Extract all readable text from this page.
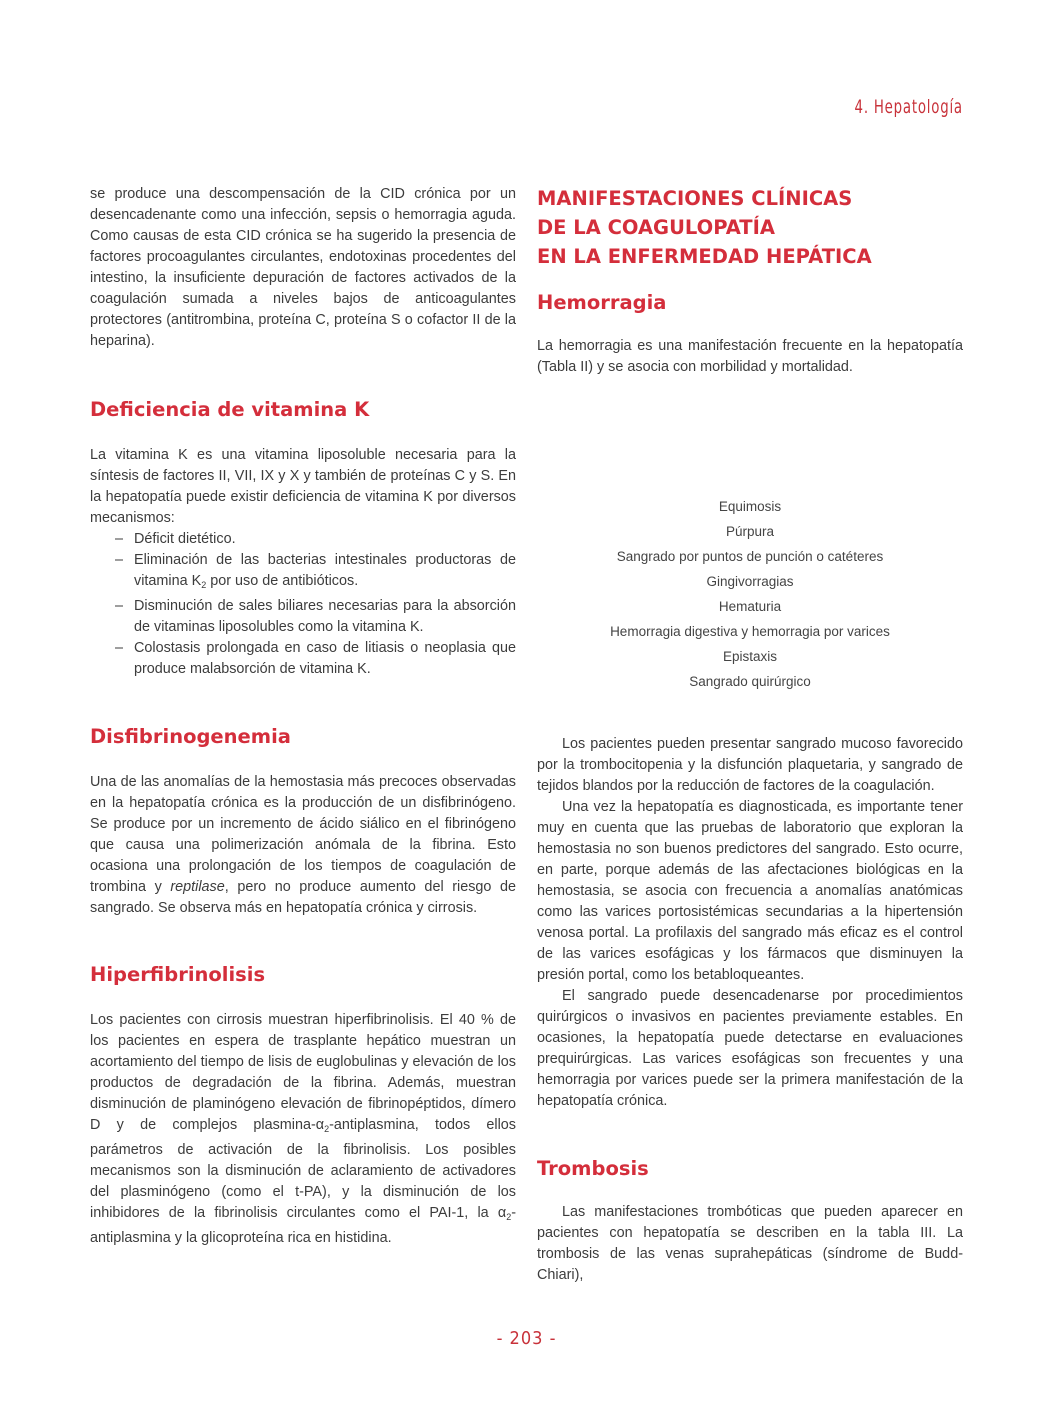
4. Hepatología

se produce una descompensación de la CID crónica por un desencadenante como una infección, sepsis o hemorragia aguda. Como causas de esta CID crónica se ha sugerido la presencia de factores procoagulantes circulantes, endotoxinas procedentes del intestino, la insuficiente depuración de factores activados de la coagulación sumada a niveles bajos de anticoagulantes protectores (antitrombina, proteína C, proteína S o cofactor II de la heparina).

Deficiencia de vitamina K

La vitamina K es una vitamina liposoluble necesaria para la síntesis de factores II, VII, IX y X y también de proteínas C y S. En la hepatopatía puede existir deficiencia de vitamina K por diversos mecanismos:

– Déficit dietético.
– Eliminación de las bacterias intestinales productoras de vitamina $K_2$ por uso de antibióticos.
– Disminución de sales biliares necesarias para la absorción de vitaminas liposolubles como la vitamina K.
– Colostasis prolongada en caso de litiasis o neoplasia que produce malabsorción de vitamina K.
Disfibrinogenemia

Una de las anomalías de la hemostasia más precoces observadas en la hepatopatía crónica es la producción de un disfibrinógeno. Se produce por un incremento de ácido siálico en el fibrinógeno que causa una polimerización anómala de la fibrina. Esto ocasiona una prolongación de los tiempos de coagulación de trombina y reptilase, pero no produce aumento del riesgo de sangrado. Se observa más en hepatopatía crónica y cirrosis.

Hiperfibrinolisis

Los pacientes con cirrosis muestran hiperfibrinolisis. El 40 % de los pacientes en espera de trasplante hepático muestran un acortamiento del tiempo de lisis de euglobulinas y elevación de los productos de degradación de la fibrina. Además, muestran disminución de plaminógeno elevación de fibrinopéptidos, dímero D y de complejos plasmina-$\alpha_2$-antiplasmina, todos ellos parámetros de activación de la fibrinolisis. Los posibles mecanismos son la disminución de aclaramiento de activadores del plasminógeno (como el t-PA), y la disminución de los inhibidores de la fibrinolisis circulantes como el PAI-1, la $\alpha_2$-antiplasmina y la glicoproteína rica en histidina.

MANIFESTACIONES CLÍNICAS
DE LA COAGULOPATÍA
EN LA ENFERMEDAD HEPÁTICA
Hemorragia

La hemorragia es una manifestación frecuente en la hepatopatía (Tabla II) y se asocia con morbilidad y mortalidad.

Equimosis
Púrpura
Sangrado por puntos de punción o catéteres
Gingivorragias
Hematuria
Hemorragia digestiva y hemorragia por varices
Epistaxis
Sangrado quirúrgico

Los pacientes pueden presentar sangrado mucoso favorecido por la trombocitopenia y la disfunción plaquetaria, y sangrado de tejidos blandos por la reducción de factores de la coagulación.

Una vez la hepatopatía es diagnosticada, es importante tener muy en cuenta que las pruebas de laboratorio que exploran la hemostasia no son buenos predictores del sangrado. Esto ocurre, en parte, porque además de las afectaciones biológicas en la hemostasia, se asocia con frecuencia a anomalías anatómicas como las varices portosistémicas secundarias a la hipertensión venosa portal. La profilaxis del sangrado más eficaz es el control de las varices esofágicas y los fármacos que disminuyen la presión portal, como los betabloqueantes.

El sangrado puede desencadenarse por procedimientos quirúrgicos o invasivos en pacientes previamente estables. En ocasiones, la hepatopatía puede detectarse en evaluaciones prequirúrgicas. Las varices esofágicas son frecuentes y una hemorragia por varices puede ser la primera manifestación de la hepatopatía crónica.

Trombosis

Las manifestaciones trombóticas que pueden aparecer en pacientes con hepatopatía se describen en la tabla III. La trombosis de las venas suprahepáticas (síndrome de Budd-Chiari),

- 203 -
